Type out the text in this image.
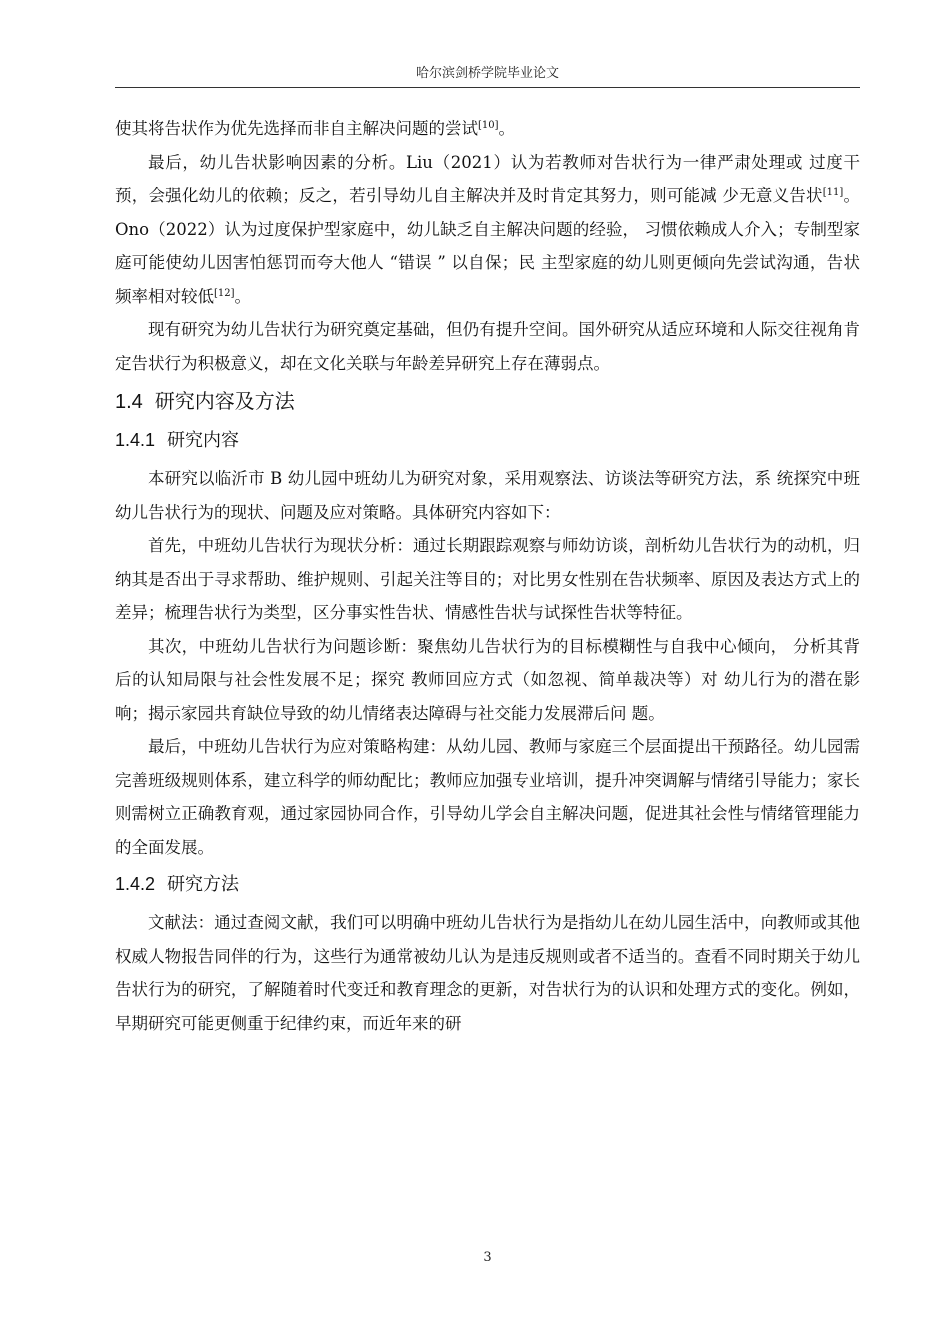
哈尔滨剑桥学院毕业论文

使其将告状作为优先选择而非自主解决问题的尝试[10]。

最后，幼儿告状影响因素的分析。Liu（2021）认为若教师对告状行为一律严肃处理或 过度干预，会强化幼儿的依赖；反之，若引导幼儿自主解决并及时肯定其努力，则可能减 少无意义告状[11]。Ono（2022）认为过度保护型家庭中，幼儿缺乏自主解决问题的经验， 习惯依赖成人介入；专制型家庭可能使幼儿因害怕惩罚而夸大他人 “错误 ” 以自保；民 主型家庭的幼儿则更倾向先尝试沟通，告状频率相对较低[12]。

现有研究为幼儿告状行为研究奠定基础，但仍有提升空间。国外研究从适应环境和人际交往视角肯定告状行为积极意义，却在文化关联与年龄差异研究上存在薄弱点。

1.4 研究内容及方法
1.4.1 研究内容

本研究以临沂市 B 幼儿园中班幼儿为研究对象，采用观察法、访谈法等研究方法，系 统探究中班幼儿告状行为的现状、问题及应对策略。具体研究内容如下：

首先，中班幼儿告状行为现状分析：通过长期跟踪观察与师幼访谈，剖析幼儿告状行为的动机，归纳其是否出于寻求帮助、维护规则、引起关注等目的；对比男女性别在告状频率、原因及表达方式上的差异；梳理告状行为类型，区分事实性告状、情感性告状与试探性告状等特征。

其次，中班幼儿告状行为问题诊断：聚焦幼儿告状行为的目标模糊性与自我中心倾向， 分析其背后的认知局限与社会性发展不足；探究 教师回应方式（如忽视、简单裁决等）对 幼儿行为的潜在影响；揭示家园共育缺位导致的幼儿情绪表达障碍与社交能力发展滞后问 题。

最后，中班幼儿告状行为应对策略构建：从幼儿园、教师与家庭三个层面提出干预路径。幼儿园需完善班级规则体系，建立科学的师幼配比；教师应加强专业培训，提升冲突调解与情绪引导能力；家长则需树立正确教育观，通过家园协同合作，引导幼儿学会自主解决问题，促进其社会性与情绪管理能力的全面发展。

1.4.2 研究方法

文献法：通过查阅文献，我们可以明确中班幼儿告状行为是指幼儿在幼儿园生活中，向教师或其他权威人物报告同伴的行为，这些行为通常被幼儿认为是违反规则或者不适当的。查看不同时期关于幼儿告状行为的研究，了解随着时代变迁和教育理念的更新，对告状行为的认识和处理方式的变化。例如，早期研究可能更侧重于纪律约束，而近年来的研

3
